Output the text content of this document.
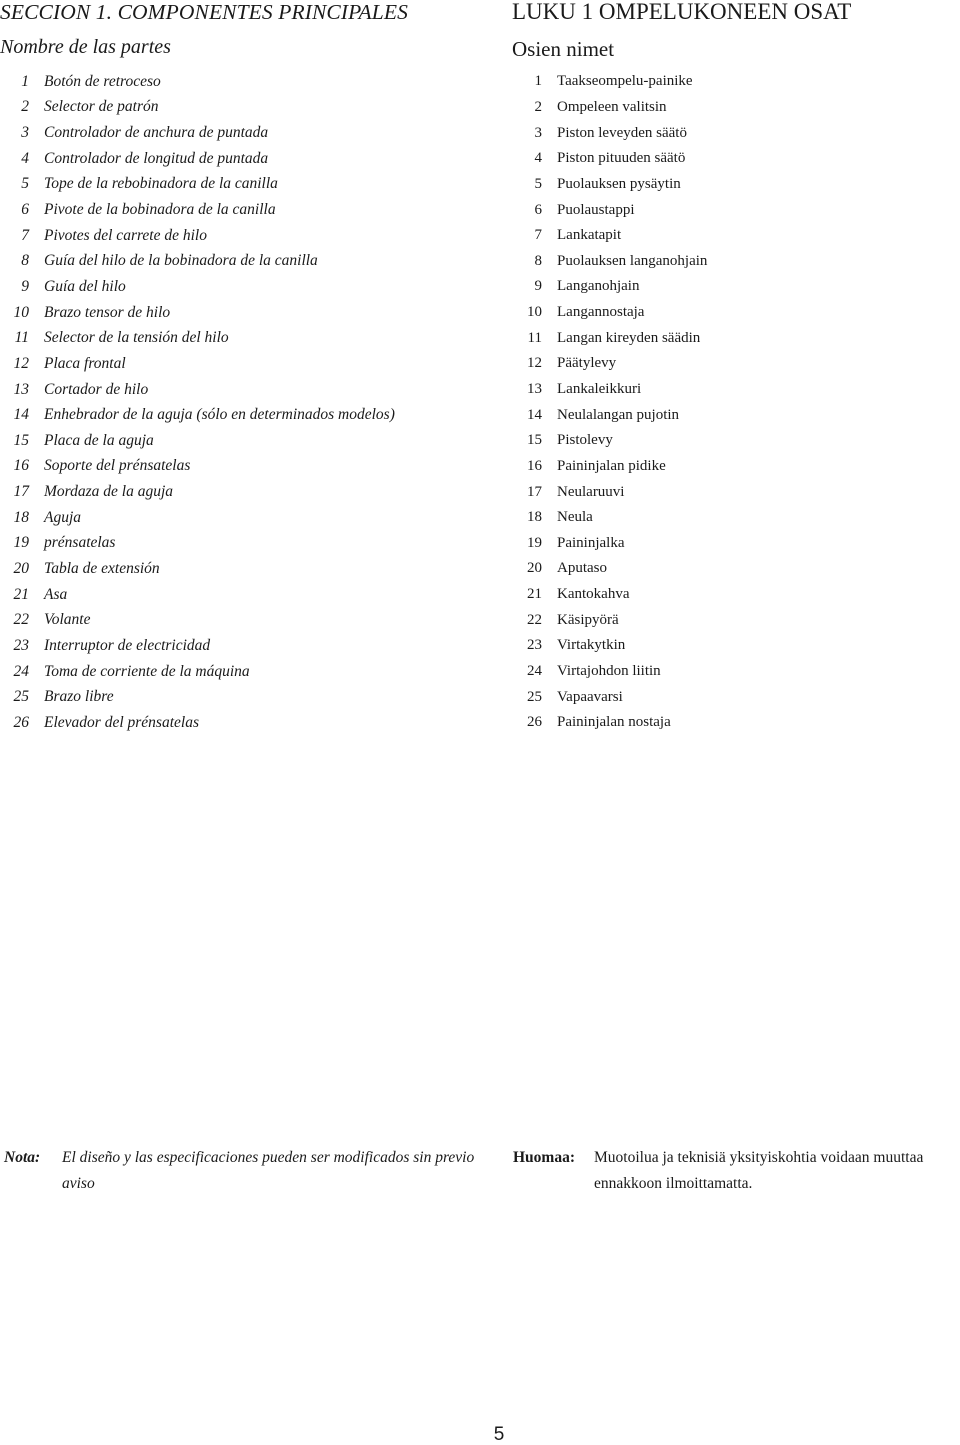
SECCION 1. COMPONENTES PRINCIPALES
Nombre de las partes
1 Botón de retroceso
2 Selector de patrón
3 Controlador de anchura de puntada
4 Controlador de longitud de puntada
5 Tope de la rebobinadora de la canilla
6 Pivote de la bobinadora de la canilla
7 Pivotes del carrete de hilo
8 Guía del hilo de la bobinadora de la canilla
9 Guía del hilo
10 Brazo tensor de hilo
11 Selector de la tensión del hilo
12 Placa frontal
13 Cortador de hilo
14 Enhebrador de la aguja (sólo en determinados modelos)
15 Placa de la aguja
16 Soporte del prénsatelas
17 Mordaza de la aguja
18 Aguja
19 prénsatelas
20 Tabla de extensión
21 Asa
22 Volante
23 Interruptor de electricidad
24 Toma de corriente de la máquina
25 Brazo libre
26 Elevador del prénsatelas
LUKU 1 OMPELUKONEEN OSAT
Osien nimet
1	Taakseompelu-painike
2	Ompeleen valitsin
3	Piston leveyden säätö
4	Piston pituuden säätö
5	Puolauksen pysäytin
6	Puolaustappi
7	Lankatapit
8	Puolauksen langanohjain
9	Langanohjain
10	Langannostaja
11	Langan kireyden säädin
12	Päätylevy
13	Lankaleikkuri
14	Neulalangan pujotin
15	Pistolevy
16	Paininjalan pidike
17	Neularuuvi
18	Neula
19	Paininjalka
20	Aputaso
21	Kantokahva
22	Käsipyörä
23	Virtakytkin
24	Virtajohdon liitin
25	Vapaavarsi
26	Paininjalan nostaja
Nota:	El diseño y las especificaciones pueden ser modificados sin previo aviso
Huomaa:	Muotoilua ja teknisiä yksityiskohtia voidaan muuttaa ennakkoon ilmoittamatta.
5
